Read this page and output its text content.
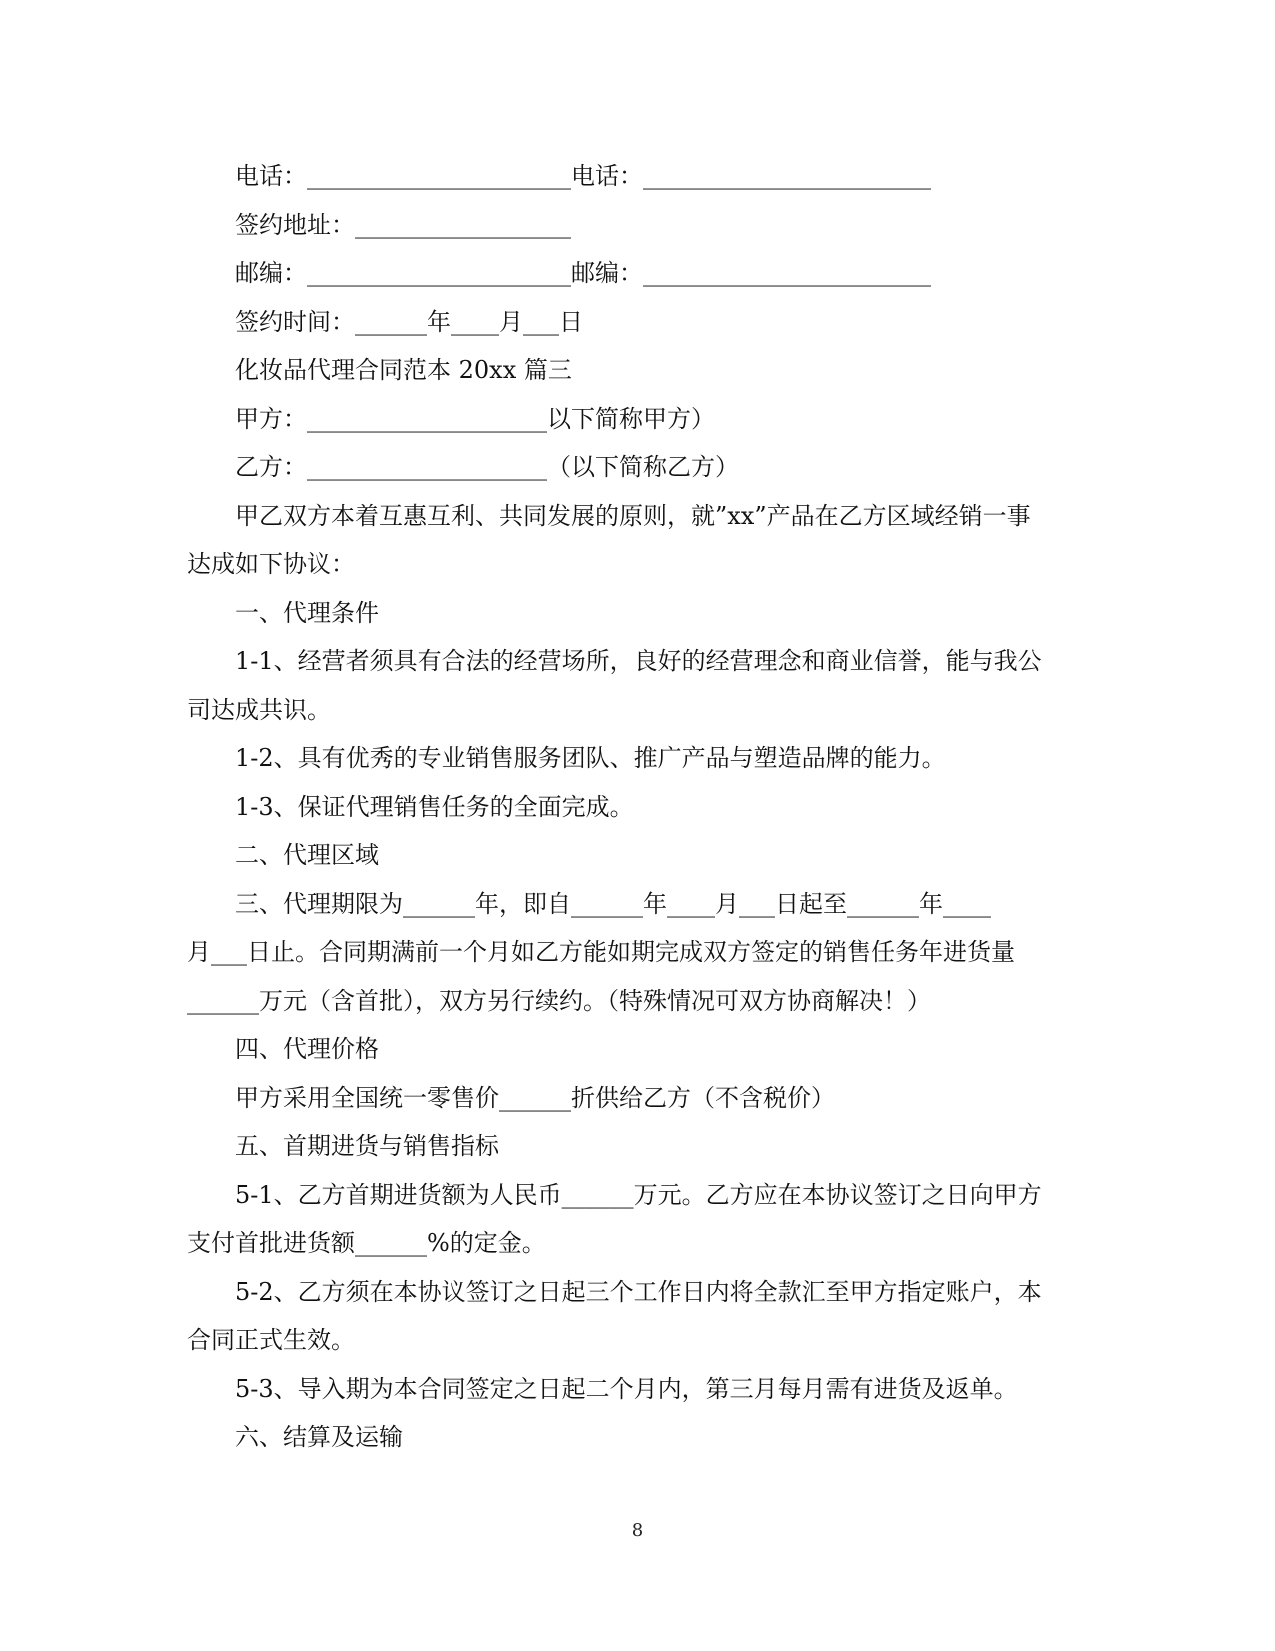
电话：______________________电话：________________________

签约地址：__________________

邮编：______________________邮编：________________________

签约时间：______年____月___日

化妆品代理合同范本 20xx 篇三

甲方：____________________以下简称甲方）

乙方：____________________（以下简称乙方）

甲乙双方本着互惠互利、共同发展的原则，就”xx”产品在乙方区域经销一事

达成如下协议：

一、代理条件

1-1、经营者须具有合法的经营场所，良好的经营理念和商业信誉，能与我公

司达成共识。

1-2、具有优秀的专业销售服务团队、推广产品与塑造品牌的能力。

1-3、保证代理销售任务的全面完成。

二、代理区域

三、代理期限为______年，即自______年____月___日起至______年____

月___日止。合同期满前一个月如乙方能如期完成双方签定的销售任务年进货量

______万元（含首批），双方另行续约。（特殊情况可双方协商解决！）

四、代理价格

甲方采用全国统一零售价______折供给乙方（不含税价）

五、首期进货与销售指标

5-1、乙方首期进货额为人民币______万元。乙方应在本协议签订之日向甲方

支付首批进货额______%的定金。

5-2、乙方须在本协议签订之日起三个工作日内将全款汇至甲方指定账户，本

合同正式生效。

5-3、导入期为本合同签定之日起二个月内，第三月每月需有进货及返单。

六、结算及运输

8
